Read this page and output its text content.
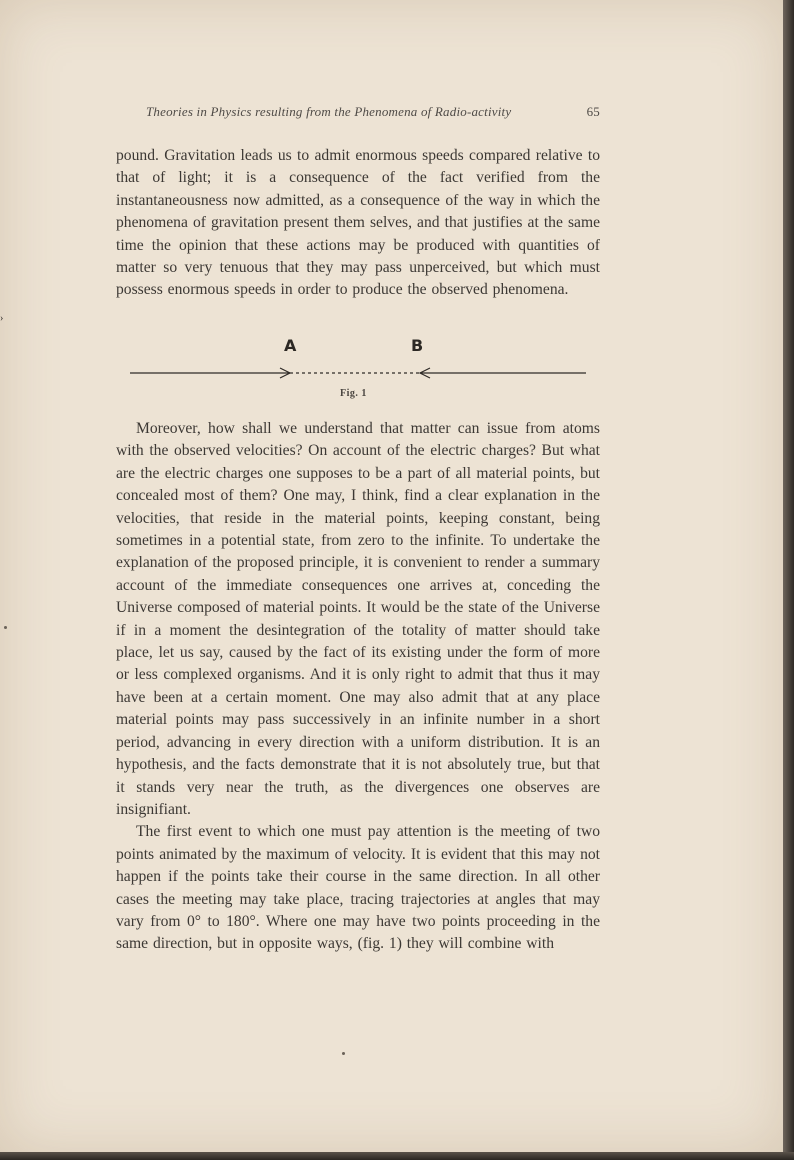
Theories in Physics resulting from the Phenomena of Radio-activity	65

pound. Gravitation leads us to admit enormous speeds compared relative to that of light; it is a consequence of the fact verified from the instantaneousness now admitted, as a consequence of the way in which the phenomena of gravitation present them selves, and that justifies at the same time the opinion that these actions may be produced with quantities of matter so very tenuous that they may pass unperceived, but which must possess enormous speeds in order to produce the observed phenomena.

A	B
Fig. 1

Moreover, how shall we understand that matter can issue from atoms with the observed velocities? On account of the electric charges? But what are the electric charges one supposes to be a part of all material points, but concealed most of them? One may, I think, find a clear explanation in the velocities, that reside in the material points, keeping constant, being sometimes in a potential state, from zero to the infinite. To undertake the explanation of the proposed principle, it is convenient to render a summary account of the immediate consequences one arrives at, conceding the Universe composed of material points. It would be the state of the Universe if in a moment the desintegration of the totality of matter should take place, let us say, caused by the fact of its existing under the form of more or less complexed organisms. And it is only right to admit that thus it may have been at a certain moment. One may also admit that at any place material points may pass successively in an infinite number in a short period, advancing in every direction with a uniform distribution. It is an hypothesis, and the facts demonstrate that it is not absolutely true, but that it stands very near the truth, as the divergences one observes are insignifiant.

The first event to which one must pay attention is the meeting of two points animated by the maximum of velocity. It is evident that this may not happen if the points take their course in the same direction. In all other cases the meeting may take place, tracing trajectories at angles that may vary from 0° to 180°. Where one may have two points proceeding in the same direction, but in opposite ways, (fig. 1) they will combine with

›
